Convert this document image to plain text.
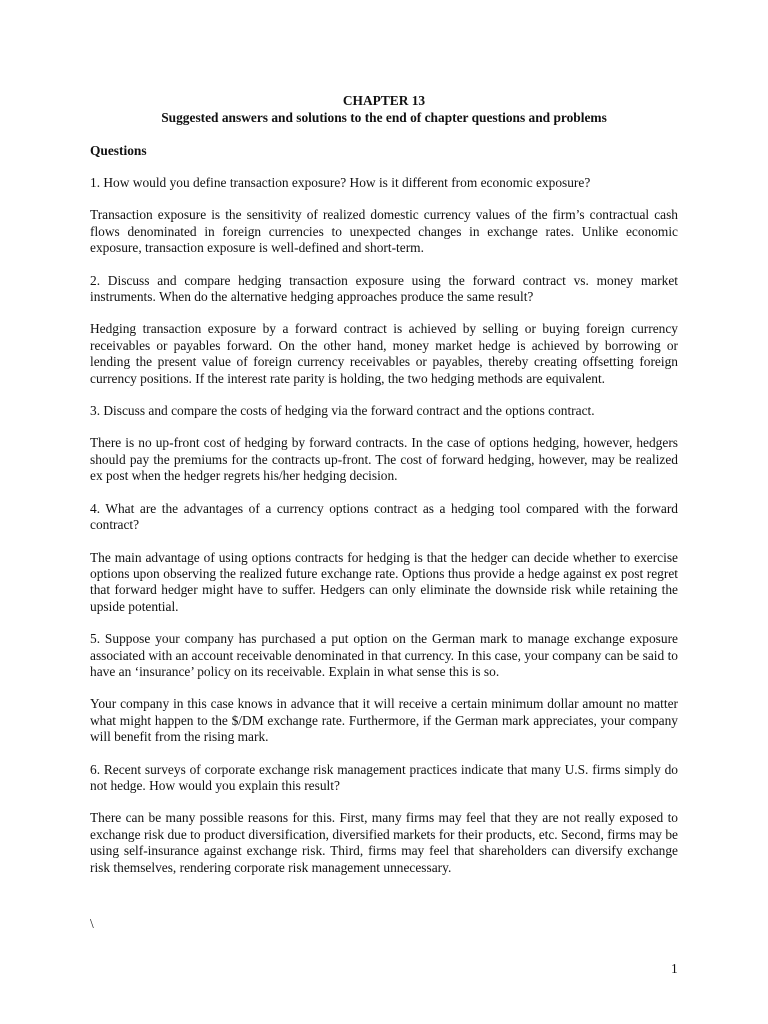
CHAPTER 13
Suggested answers and solutions to the end of chapter questions and problems
Questions

1. How would you define transaction exposure? How is it different from economic exposure?

Transaction exposure is the sensitivity of realized domestic currency values of the firm’s contractual cash flows denominated in foreign currencies to unexpected changes in exchange rates. Unlike economic exposure, transaction exposure is well-defined and short-term.

2. Discuss and compare hedging transaction exposure using the forward contract vs. money market instruments. When do the alternative hedging approaches produce the same result?

Hedging transaction exposure by a forward contract is achieved by selling or buying foreign currency receivables or payables forward. On the other hand, money market hedge is achieved by borrowing or lending the present value of foreign currency receivables or payables, thereby creating offsetting foreign currency positions. If the interest rate parity is holding, the two hedging methods are equivalent.

3. Discuss and compare the costs of hedging via the forward contract and the options contract.

There is no up-front cost of hedging by forward contracts. In the case of options hedging, however, hedgers should pay the premiums for the contracts up-front. The cost of forward hedging, however, may be realized ex post when the hedger regrets his/her hedging decision.

4. What are the advantages of a currency options contract as a hedging tool compared with the forward contract?

The main advantage of using options contracts for hedging is that the hedger can decide whether to exercise options upon observing the realized future exchange rate. Options thus provide a hedge against ex post regret that forward hedger might have to suffer. Hedgers can only eliminate the downside risk while retaining the upside potential.

5. Suppose your company has purchased a put option on the German mark to manage exchange exposure associated with an account receivable denominated in that currency. In this case, your company can be said to have an ‘insurance’ policy on its receivable. Explain in what sense this is so.

Your company in this case knows in advance that it will receive a certain minimum dollar amount no matter what might happen to the $/DM exchange rate. Furthermore, if the German mark appreciates, your company will benefit from the rising mark.

6. Recent surveys of corporate exchange risk management practices indicate that many U.S. firms simply do not hedge. How would you explain this result?

There can be many possible reasons for this. First, many firms may feel that they are not really exposed to exchange risk due to product diversification, diversified markets for their products, etc. Second, firms may be using self-insurance against exchange risk. Third, firms may feel that shareholders can diversify exchange risk themselves, rendering corporate risk management unnecessary.

\
1
